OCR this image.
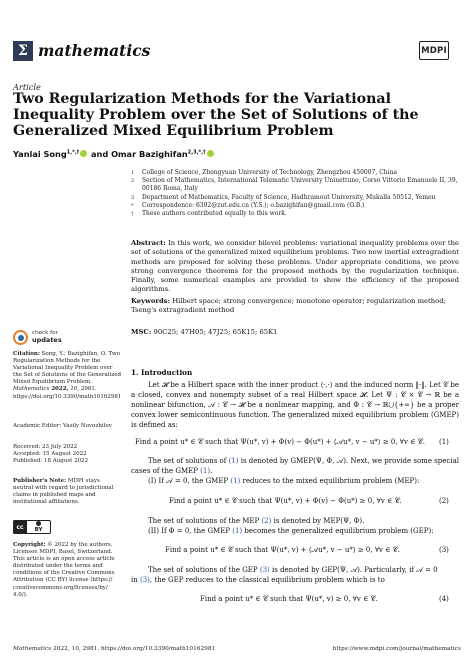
Σ mathematics	MDPI
Article
Two Regularization Methods for the Variational Inequality Problem over the Set of Solutions of the Generalized Mixed Equilibrium Problem
Yanlai Song$^{1,*,\dagger}$ and Omar Bazighifan$^{2,3,*,\dagger}$
1	College of Science, Zhongyuan University of Technology, Zhengzhou 450007, China
2	Section of Mathematics, International Telematic University Uninettuno, Corso Vittorio Emanuele II, 39, 00186 Roma, Italy
3	Department of Mathematics, Faculty of Science, Hadhramout University, Mukalla 50512, Yemen
*	Correspondence: 6392@zut.edu.cn (Y.S.); o.bazighifan@gmail.com (O.B.)
†	These authors contributed equally to this work.
Abstract: In this work, we consider bilevel problems: variational inequality problems over the set of solutions of the generalized mixed equilibrium problems. Two new inertial extragradient methods are proposed for solving these problems. Under appropriate conditions, we prove strong convergence theorems for the proposed methods by the regularization technique. Finally, some numerical examples are provided to show the efficiency of the proposed algorithms.
Keywords: Hilbert space; strong convergence; monotone operator; regularization method; Tseng's extragradient method
MSC: 90C25; 47H05; 47J25; 65K15; 65K1
check for
updates
Citation: Song, Y.; Bazighifan, O. Two Regularization Methods for the Variational Inequality Problem over the Set of Solutions of the Generalized Mixed Equilibrium Problem. Mathematics 2022, 10, 2981. https://doi.org/10.3390/math10162981
Academic Editor: Vasily Novozhilov
Received: 23 July 2022
Accepted: 15 August 2022
Published: 18 August 2022
Publisher's Note: MDPI stays neutral with regard to jurisdictional claims in published maps and institutional affiliations.
cc	BY
Copyright: © 2022 by the authors. Licensee MDPI, Basel, Switzerland. This article is an open access article distributed under the terms and conditions of the Creative Commons Attribution (CC BY) license (https:// creativecommons.org/licenses/by/ 4.0/).
1. Introduction
Let 𝓗 be a Hilbert space with the inner product ⟨·,·⟩ and the induced norm ‖·‖. Let 𝒞 be a closed, convex and nonempty subset of a real Hilbert space 𝓗. Let Ψ : 𝒞 × 𝒞 → ℝ be a nonlinear bifunction, 𝒜 : 𝒞 → 𝓗 be a nonlinear mapping, and Φ : 𝒞 → ℝ⋃{+∞} be a proper convex lower semicontinuous function. The generalized mixed equilibrium problem (GMEP) is defined as:
Find a point u* ∈ 𝒞 such that Ψ(u*, v) + Φ(v) − Φ(u*) + ⟨𝒜u*, v − u*⟩ ≥ 0, ∀v ∈ 𝒞. (1)
The set of solutions of (1) is denoted by GMEP(Ψ, Φ, 𝒜). Next, we provide some special cases of the GMEP (1).
(I) If 𝒜 = 0, the GMEP (1) reduces to the mixed equilibrium problem (MEP):
Find a point u* ∈ 𝒞 such that Ψ(u*, v) + Φ(v) − Φ(u*) ≥ 0, ∀v ∈ 𝒞.	(2)
The set of solutions of the MEP (2) is denoted by MEP(Ψ, Φ).
(II) If Φ = 0, the GMEP (1) becomes the generalized equilibrium problem (GEP):
Find a point u* ∈ 𝒞 such that Ψ(u*, v) + ⟨𝒜u*, v − u*⟩ ≥ 0, ∀v ∈ 𝒞.	(3)
The set of solutions of the GEP (3) is denoted by GEP(Ψ, 𝒜). Particularly, if 𝒜 = 0
in (3), the GEP reduces to the classical equilibrium problem which is to
Find a point u* ∈ 𝒞 such that Ψ(u*, v) ≥ 0, ∀v ∈ 𝒞.	(4)
Mathematics 2022, 10, 2981. https://doi.org/10.3390/math10162981	https://www.mdpi.com/journal/mathematics
